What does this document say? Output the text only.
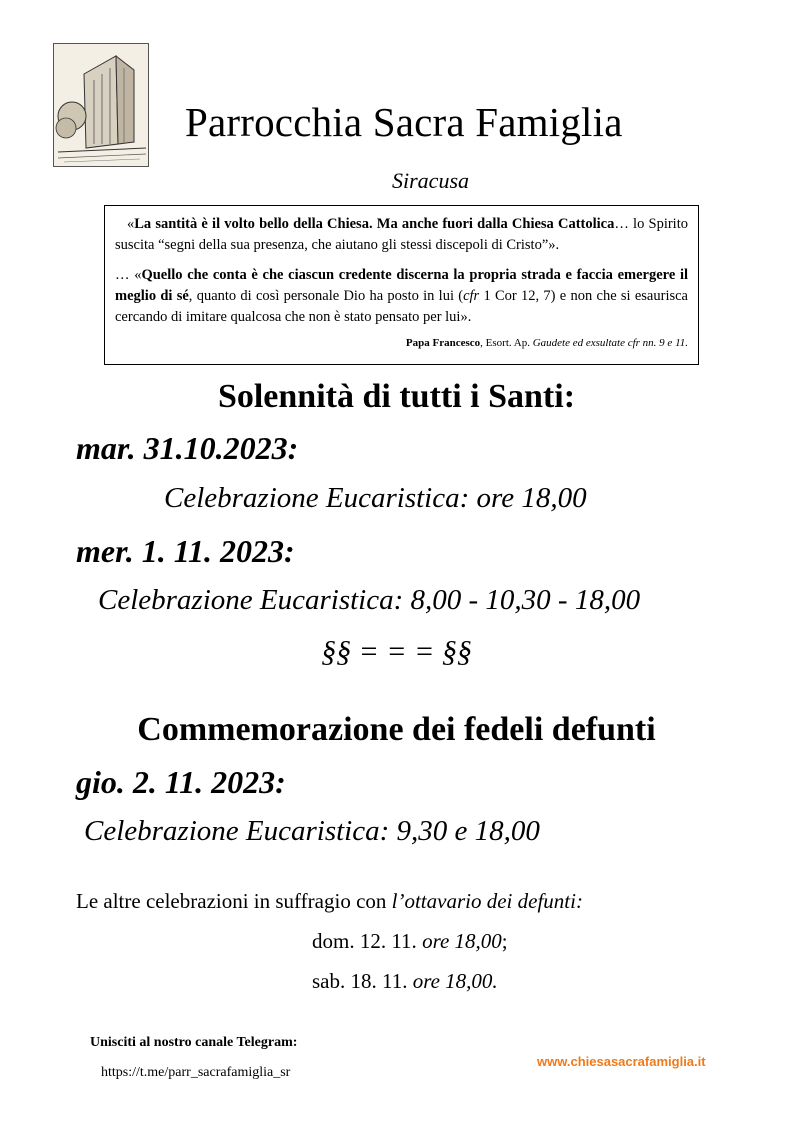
Parrocchia Sacra Famiglia
Siracusa

«La santità è il volto bello della Chiesa. Ma anche fuori dalla Chiesa Cattolica… lo Spirito suscita “segni della sua presenza, che aiutano gli stessi discepoli di Cristo”».

… «Quello che conta è che ciascun credente discerna la propria strada e faccia emergere il meglio di sé, quanto di così personale Dio ha posto in lui (cfr 1 Cor 12, 7) e non che si esaurisca cercando di imitare qualcosa che non è stato pensato per lui».

Papa Francesco, Esort. Ap. Gaudete ed exsultate cfr nn. 9 e 11.
Solennità di tutti i Santi:
mar. 31.10.2023:
Celebrazione Eucaristica: ore 18,00
mer. 1. 11. 2023:
Celebrazione Eucaristica: 8,00 - 10,30 - 18,00
§§ = = = §§
Commemorazione dei fedeli defunti
gio. 2. 11. 2023:
Celebrazione Eucaristica: 9,30 e 18,00
Le altre celebrazioni in suffragio con l’ottavario dei defunti:
dom. 12. 11. ore 18,00;
sab. 18. 11. ore 18,00.
Unisciti al nostro canale Telegram:
https://t.me/parr_sacrafamiglia_sr
www.chiesasacrafamiglia.it
